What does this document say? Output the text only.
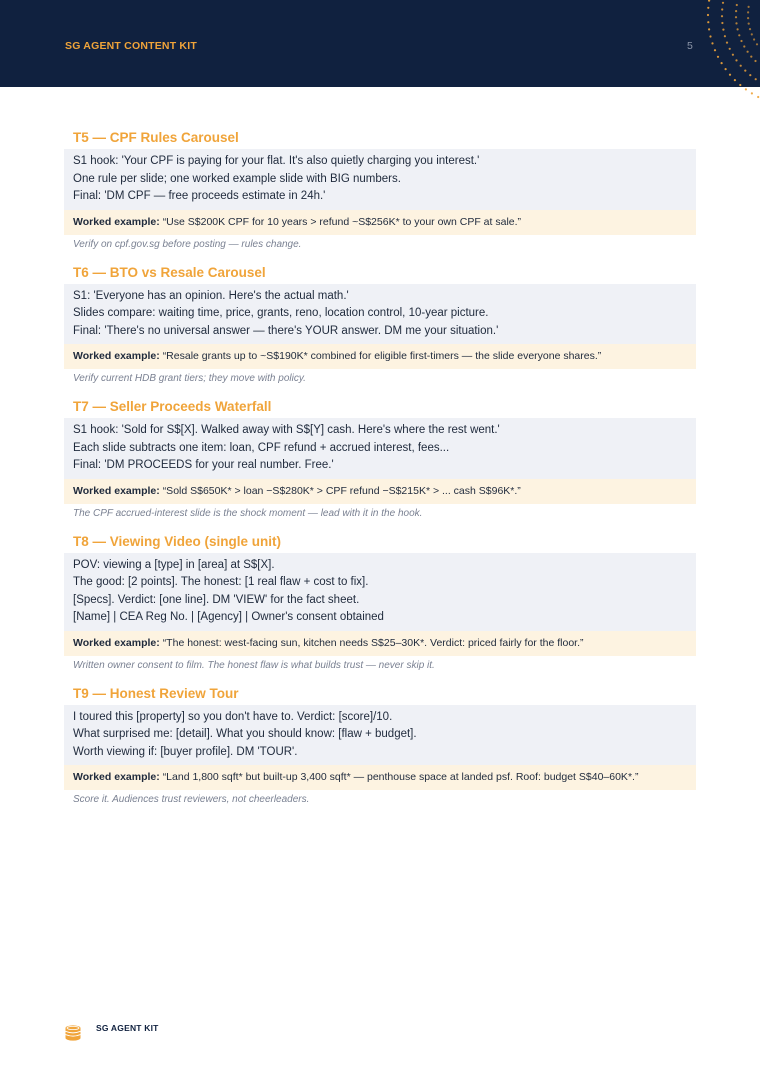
SG AGENT CONTENT KIT	5
T5 — CPF Rules Carousel
S1 hook: 'Your CPF is paying for your flat. It's also quietly charging you interest.'
One rule per slide; one worked example slide with BIG numbers.
Final: 'DM CPF — free proceeds estimate in 24h.'
Worked example: “Use S$200K CPF for 10 years > refund ~S$256K* to your own CPF at sale.”
Verify on cpf.gov.sg before posting — rules change.
T6 — BTO vs Resale Carousel
S1: 'Everyone has an opinion. Here's the actual math.'
Slides compare: waiting time, price, grants, reno, location control, 10-year picture.
Final: 'There's no universal answer — there's YOUR answer. DM me your situation.'
Worked example: “Resale grants up to ~S$190K* combined for eligible first-timers — the slide everyone shares.”
Verify current HDB grant tiers; they move with policy.
T7 — Seller Proceeds Waterfall
S1 hook: 'Sold for S$[X]. Walked away with S$[Y] cash. Here's where the rest went.'
Each slide subtracts one item: loan, CPF refund + accrued interest, fees...
Final: 'DM PROCEEDS for your real number. Free.'
Worked example: “Sold S$650K* > loan −S$280K* > CPF refund −S$215K* > ... cash S$96K*.”
The CPF accrued-interest slide is the shock moment — lead with it in the hook.
T8 — Viewing Video (single unit)
POV: viewing a [type] in [area] at S$[X].
The good: [2 points]. The honest: [1 real flaw + cost to fix].
[Specs]. Verdict: [one line]. DM 'VIEW' for the fact sheet.
[Name] | CEA Reg No. | [Agency] | Owner's consent obtained
Worked example: “The honest: west-facing sun, kitchen needs S$25–30K*. Verdict: priced fairly for the floor.”
Written owner consent to film. The honest flaw is what builds trust — never skip it.
T9 — Honest Review Tour
I toured this [property] so you don't have to. Verdict: [score]/10.
What surprised me: [detail]. What you should know: [flaw + budget].
Worth viewing if: [buyer profile]. DM 'TOUR'.
Worked example: “Land 1,800 sqft* but built-up 3,400 sqft* — penthouse space at landed psf. Roof: budget S$40–60K*.”
Score it. Audiences trust reviewers, not cheerleaders.
SG AGENT KIT
